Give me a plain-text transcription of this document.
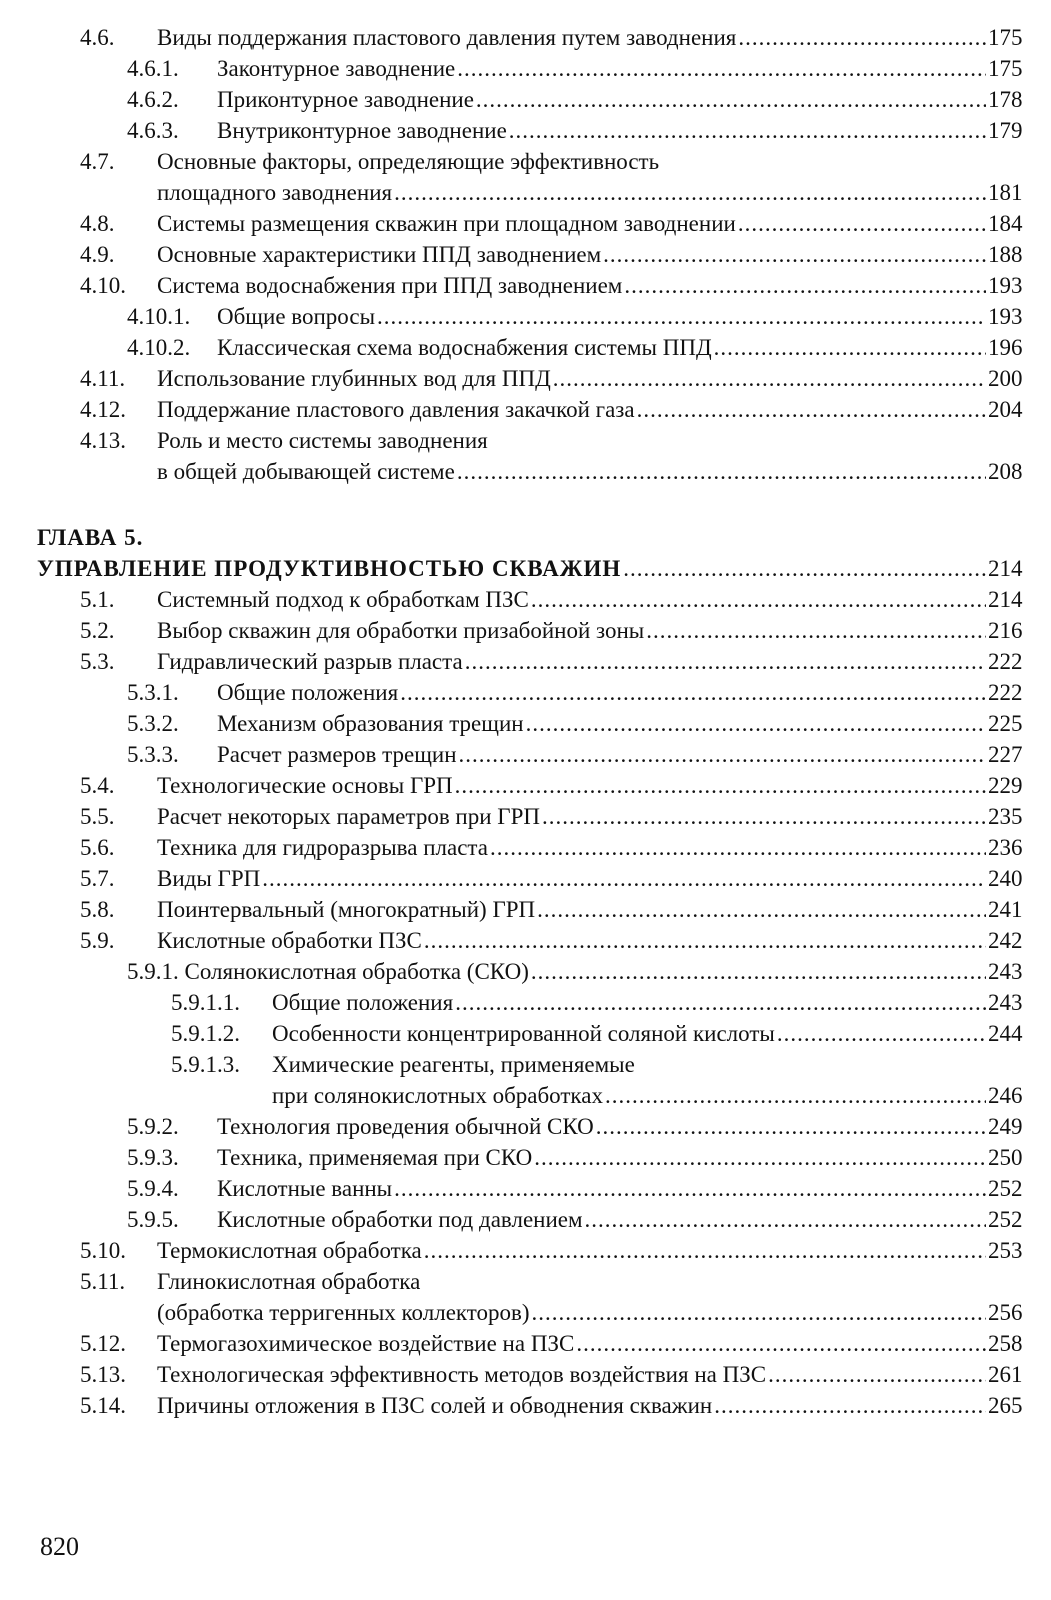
4.6. Виды поддержания пластового давления путем заводнения .....	175
4.6.1. Законтурное заводнение .....	175
4.6.2. Приконтурное заводнение .....	178
4.6.3. Внутриконтурное заводнение .....	179
4.7. Основные факторы, определяющие эффективность
площадного заводнения .....	181
4.8. Системы размещения скважин при площадном заводнении .....	184
4.9. Основные характеристики ППД заводнением .....	188
4.10. Система водоснабжения при ППД заводнением .....	193
4.10.1. Общие вопросы .....	193
4.10.2. Классическая схема водоснабжения системы ППД .....	196
4.11. Использование глубинных вод для ППД .....	200
4.12. Поддержание пластового давления закачкой газа .....	204
4.13. Роль и место системы заводнения
в общей добывающей системе .....	208
ГЛАВА 5.
УПРАВЛЕНИЕ ПРОДУКТИВНОСТЬЮ СКВАЖИН .....	214
5.1. Системный подход к обработкам ПЗС .....	214
5.2. Выбор скважин для обработки призабойной зоны .....	216
5.3. Гидравлический разрыв пласта .....	222
5.3.1. Общие положения .....	222
5.3.2. Механизм образования трещин .....	225
5.3.3. Расчет размеров трещин .....	227
5.4. Технологические основы ГРП .....	229
5.5. Расчет некоторых параметров при ГРП .....	235
5.6. Техника для гидроразрыва пласта .....	236
5.7. Виды ГРП .....	240
5.8. Поинтервальный (многократный) ГРП .....	241
5.9. Кислотные обработки ПЗС .....	242
5.9.1. Солянокислотная обработка (СКО) .....	243
5.9.1.1. Общие положения .....	243
5.9.1.2. Особенности концентрированной соляной кислоты .....	244
5.9.1.3. Химические реагенты, применяемые
при солянокислотных обработках .....	246
5.9.2. Технология проведения обычной СКО .....	249
5.9.3. Техника, применяемая при СКО .....	250
5.9.4. Кислотные ванны .....	252
5.9.5. Кислотные обработки под давлением .....	252
5.10. Термокислотная обработка .....	253
5.11. Глинокислотная обработка
(обработка терригенных коллекторов) .....	256
5.12. Термогазохимическое воздействие на ПЗС .....	258
5.13. Технологическая эффективность методов воздействия на ПЗС .....	261
5.14. Причины отложения в ПЗС солей и обводнения скважин .....	265
820
